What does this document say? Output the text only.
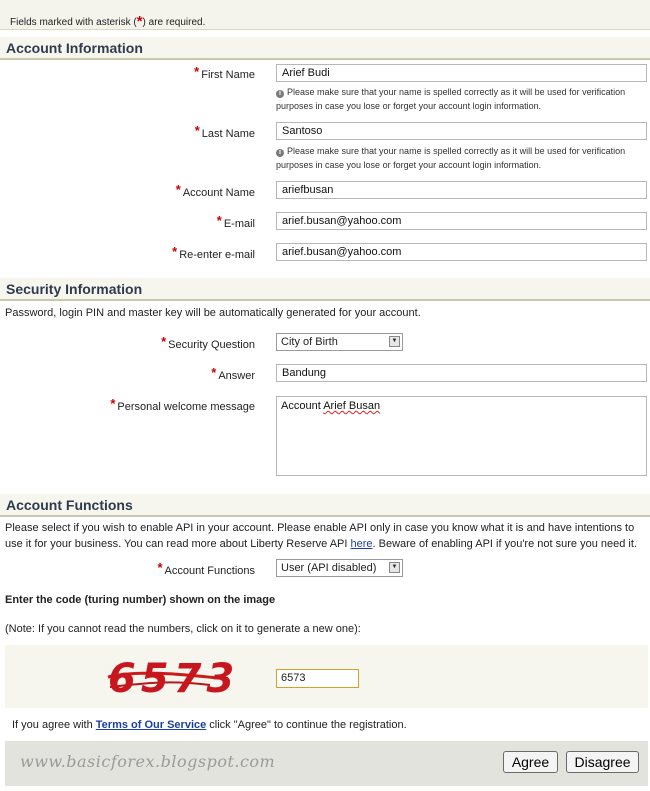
Fields marked with asterisk (*) are required.
Account Information
* First Name	Arief Budi
i Please make sure that your name is spelled correctly as it will be used for verification purposes in case you lose or forget your account login information.
* Last Name	Santoso
i Please make sure that your name is spelled correctly as it will be used for verification purposes in case you lose or forget your account login information.
* Account Name	ariefbusan
* E-mail	arief.busan@yahoo.com
* Re-enter e-mail	arief.busan@yahoo.com
Security Information
Password, login PIN and master key will be automatically generated for your account.
* Security Question	City of Birth	▼
* Answer	Bandung
* Personal welcome message	Account Arief Busan
Account Functions
Please select if you wish to enable API in your account. Please enable API only in case you know what it is and have intentions to use it for your business. You can read more about Liberty Reserve API here. Beware of enabling API if you're not sure you need it.
* Account Functions	User (API disabled)	▼
Enter the code (turing number) shown on the image
(Note: If you cannot read the numbers, click on it to generate a new one):
6573	6573
If you agree with Terms of Our Service click "Agree" to continue the registration.
www.basicforex.blogspot.com	Agree	Disagree
